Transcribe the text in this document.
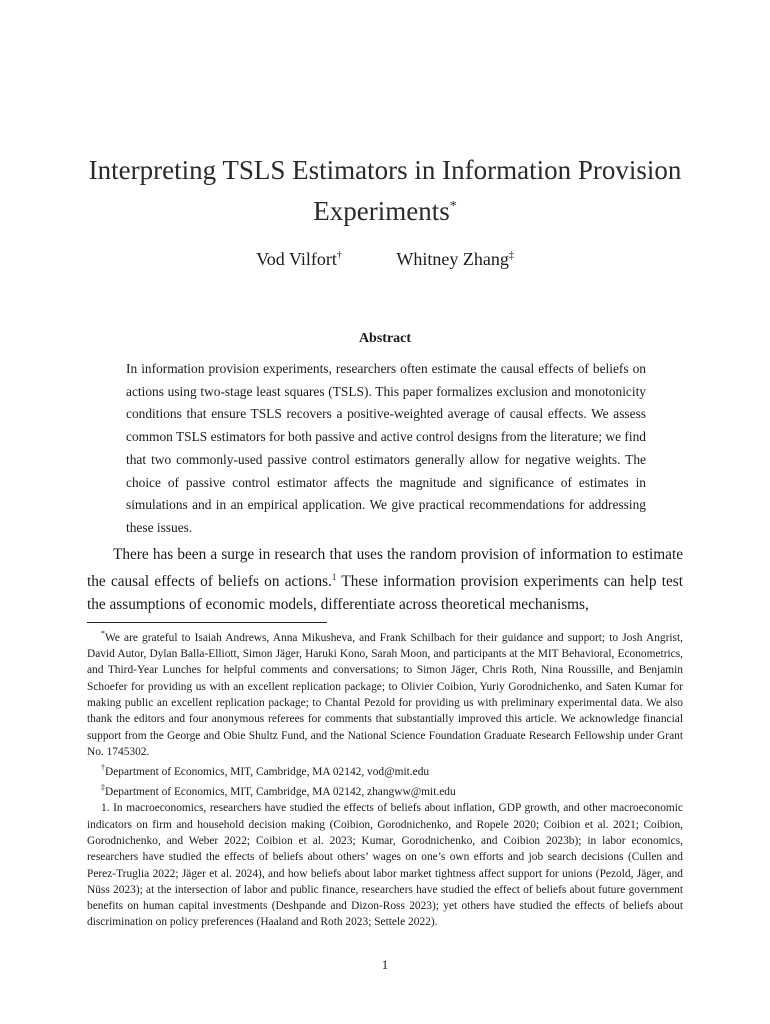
Interpreting TSLS Estimators in Information Provision Experiments*
Vod Vilfort†	Whitney Zhang‡
Abstract
In information provision experiments, researchers often estimate the causal effects of beliefs on actions using two-stage least squares (TSLS). This paper formalizes exclusion and monotonicity conditions that ensure TSLS recovers a positive-weighted average of causal effects. We assess common TSLS estimators for both passive and active control designs from the literature; we find that two commonly-used passive control estimators generally allow for negative weights. The choice of passive control estimator affects the magnitude and significance of estimates in simulations and in an empirical application. We give practical recommendations for addressing these issues.

There has been a surge in research that uses the random provision of information to estimate the causal effects of beliefs on actions.$^1$ These information provision experiments can help test the assumptions of economic models, differentiate across theoretical mechanisms,

*We are grateful to Isaiah Andrews, Anna Mikusheva, and Frank Schilbach for their guidance and support; to Josh Angrist, David Autor, Dylan Balla-Elliott, Simon Jäger, Haruki Kono, Sarah Moon, and participants at the MIT Behavioral, Econometrics, and Third-Year Lunches for helpful comments and conversations; to Simon Jäger, Chris Roth, Nina Roussille, and Benjamin Schoefer for providing us with an excellent replication package; to Olivier Coibion, Yuriy Gorodnichenko, and Saten Kumar for making public an excellent replication package; to Chantal Pezold for providing us with preliminary experimental data. We also thank the editors and four anonymous referees for comments that substantially improved this article. We acknowledge financial support from the George and Obie Shultz Fund, and the National Science Foundation Graduate Research Fellowship under Grant No. 1745302.

†Department of Economics, MIT, Cambridge, MA 02142, vod@mit.edu

‡Department of Economics, MIT, Cambridge, MA 02142, zhangww@mit.edu

1. In macroeconomics, researchers have studied the effects of beliefs about inflation, GDP growth, and other macroeconomic indicators on firm and household decision making (Coibion, Gorodnichenko, and Ropele 2020; Coibion et al. 2021; Coibion, Gorodnichenko, and Weber 2022; Coibion et al. 2023; Kumar, Gorodnichenko, and Coibion 2023b); in labor economics, researchers have studied the effects of beliefs about others’ wages on one’s own efforts and job search decisions (Cullen and Perez-Truglia 2022; Jäger et al. 2024), and how beliefs about labor market tightness affect support for unions (Pezold, Jäger, and Nüss 2023); at the intersection of labor and public finance, researchers have studied the effect of beliefs about future government benefits on human capital investments (Deshpande and Dizon-Ross 2023); yet others have studied the effects of beliefs about discrimination on policy preferences (Haaland and Roth 2023; Settele 2022).

1
